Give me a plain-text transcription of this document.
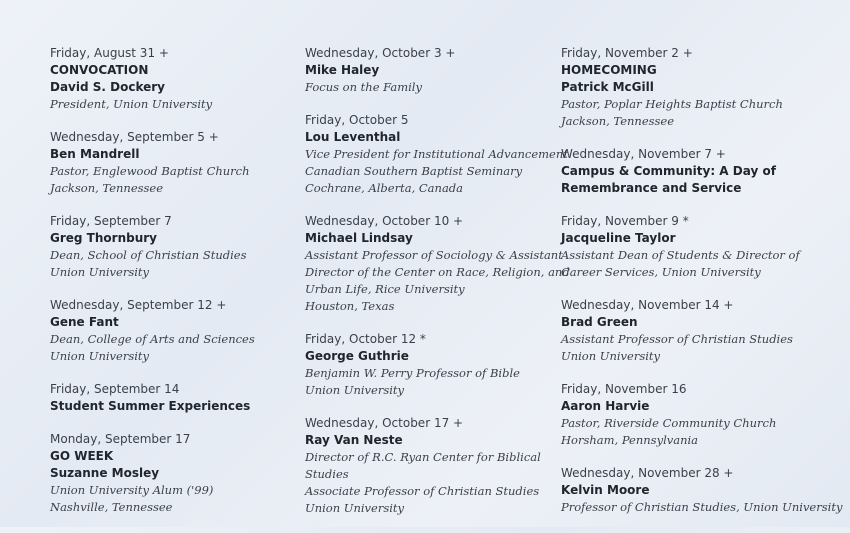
Friday, August 31 +
CONVOCATION
David S. Dockery
President, Union University
Wednesday, September 5 +
Ben Mandrell
Pastor, Englewood Baptist Church
Jackson, Tennessee
Friday, September 7
Greg Thornbury
Dean, School of Christian Studies
Union University
Wednesday, September 12 +
Gene Fant
Dean, College of Arts and Sciences
Union University
Friday, September 14
Student Summer Experiences
Monday, September 17
GO WEEK
Suzanne Mosley
Union University Alum ('99)
Nashville, Tennessee
Wednesday, October 3 +
Mike Haley
Focus on the Family
Friday, October 5
Lou Leventhal
Vice President for Institutional Advancement
Canadian Southern Baptist Seminary
Cochrane, Alberta, Canada
Wednesday, October 10 +
Michael Lindsay
Assistant Professor of Sociology & Assistant
Director of the Center on Race, Religion, and
Urban Life, Rice University
Houston, Texas
Friday, October 12 *
George Guthrie
Benjamin W. Perry Professor of Bible
Union University
Wednesday, October 17 +
Ray Van Neste
Director of R.C. Ryan Center for Biblical
Studies
Associate Professor of Christian Studies
Union University
Friday, November 2 +
HOMECOMING
Patrick McGill
Pastor, Poplar Heights Baptist Church
Jackson, Tennessee
Wednesday, November 7 +
Campus & Community: A Day of
Remembrance and Service
Friday, November 9 *
Jacqueline Taylor
Assistant Dean of Students & Director of
Career Services, Union University
Wednesday, November 14 +
Brad Green
Assistant Professor of Christian Studies
Union University
Friday, November 16
Aaron Harvie
Pastor, Riverside Community Church
Horsham, Pennsylvania
Wednesday, November 28 +
Kelvin Moore
Professor of Christian Studies, Union University
